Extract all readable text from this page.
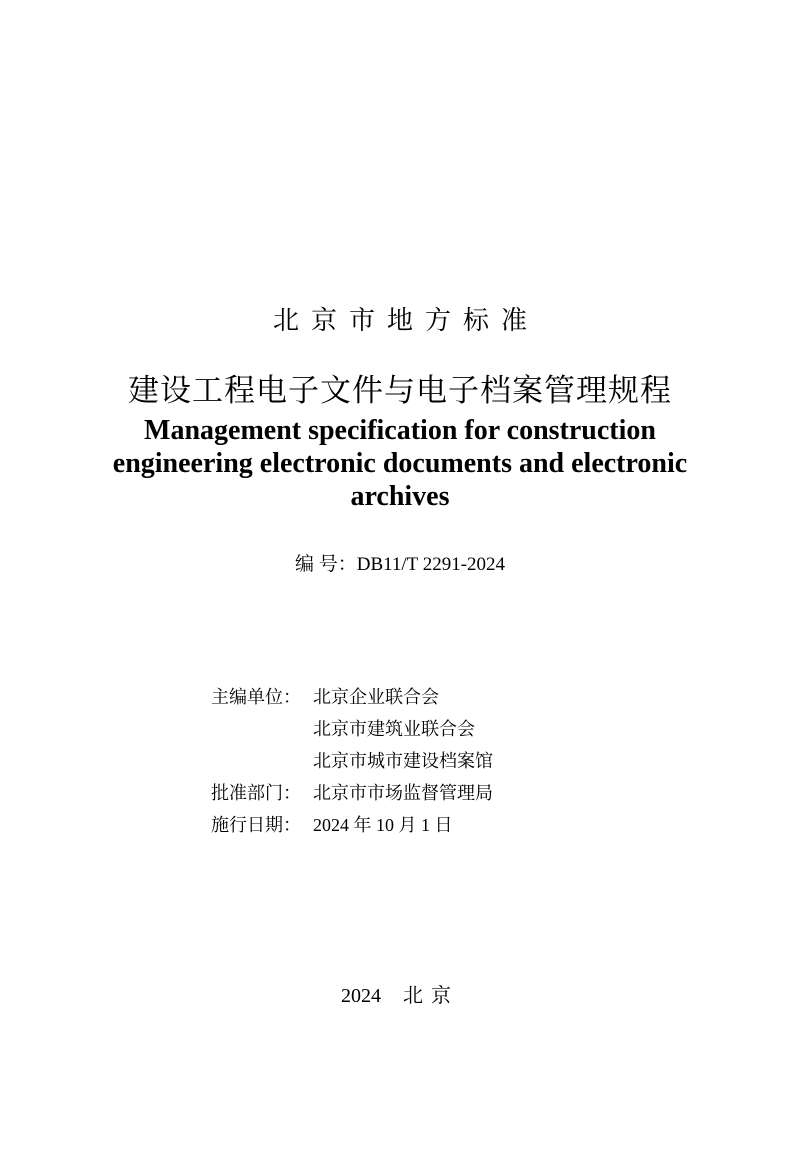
北京市地方标准
建设工程电子文件与电子档案管理规程
Management specification for construction
engineering electronic documents and electronic
archives
编 号：DB11/T 2291-2024
主编单位： 北京企业联合会
北京市建筑业联合会
北京市城市建设档案馆
批准部门： 北京市市场监督管理局
施行日期： 2024 年 10 月 1 日
2024 北京
